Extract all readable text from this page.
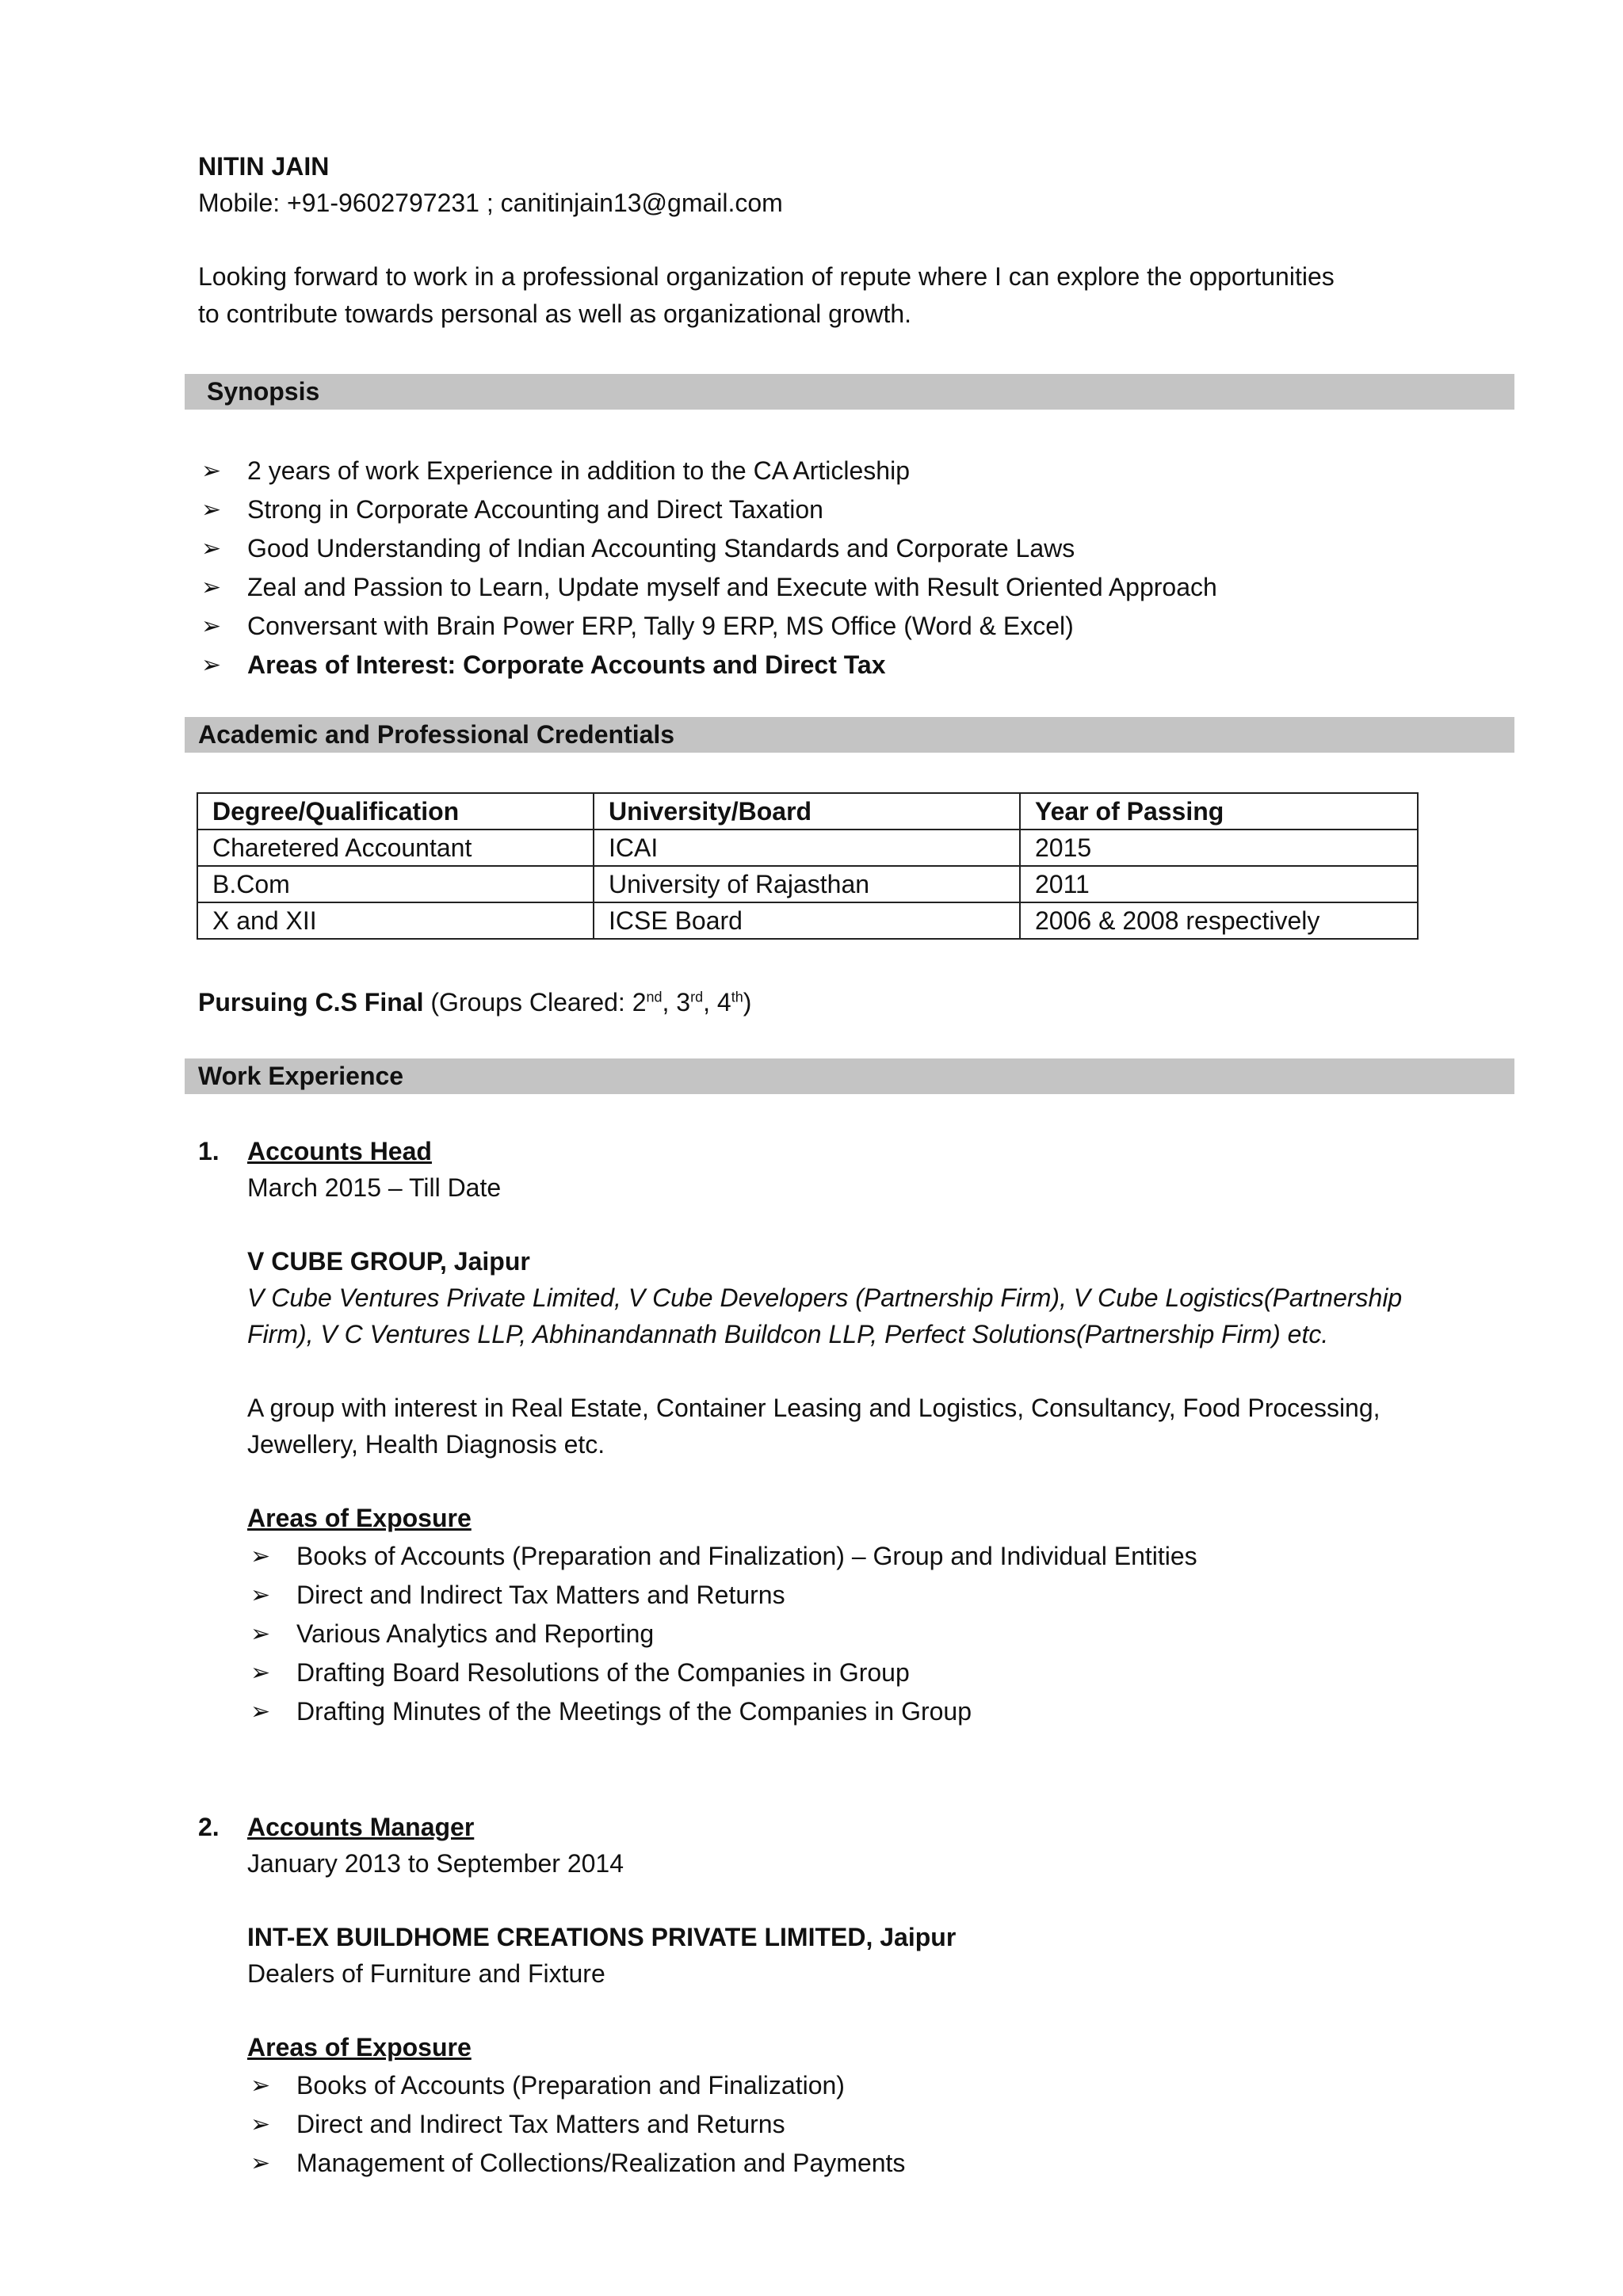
NITIN JAIN
Mobile: +91-9602797231 ; canitinjain13@gmail.com
Looking forward to work in a professional organization of repute where I can explore the opportunities
to contribute towards personal as well as organizational growth.
Synopsis
➢ 2 years of work Experience in addition to the CA Articleship
➢ Strong in Corporate Accounting and Direct Taxation
➢ Good Understanding of Indian Accounting Standards and Corporate Laws
➢ Zeal and Passion to Learn, Update myself and Execute with Result Oriented Approach
➢ Conversant with Brain Power ERP, Tally 9 ERP, MS Office (Word & Excel)
➢ Areas of Interest: Corporate Accounts and Direct Tax
Academic and Professional Credentials
Degree/Qualification	University/Board	Year of Passing
Charetered Accountant	ICAI	2015
B.Com	University of Rajasthan	2011
X and XII	ICSE Board	2006 & 2008 respectively
Pursuing C.S Final (Groups Cleared: 2nd, 3rd, 4th)
Work Experience
1. Accounts Head
March 2015 – Till Date
V CUBE GROUP, Jaipur
V Cube Ventures Private Limited, V Cube Developers (Partnership Firm), V Cube Logistics(Partnership
Firm), V C Ventures LLP, Abhinandannath Buildcon LLP, Perfect Solutions(Partnership Firm) etc.
A group with interest in Real Estate, Container Leasing and Logistics, Consultancy, Food Processing,
Jewellery, Health Diagnosis etc.
Areas of Exposure
➢ Books of Accounts (Preparation and Finalization) – Group and Individual Entities
➢ Direct and Indirect Tax Matters and Returns
➢ Various Analytics and Reporting
➢ Drafting Board Resolutions of the Companies in Group
➢ Drafting Minutes of the Meetings of the Companies in Group
2. Accounts Manager
January 2013 to September 2014
INT-EX BUILDHOME CREATIONS PRIVATE LIMITED, Jaipur
Dealers of Furniture and Fixture
Areas of Exposure
➢ Books of Accounts (Preparation and Finalization)
➢ Direct and Indirect Tax Matters and Returns
➢ Management of Collections/Realization and Payments
